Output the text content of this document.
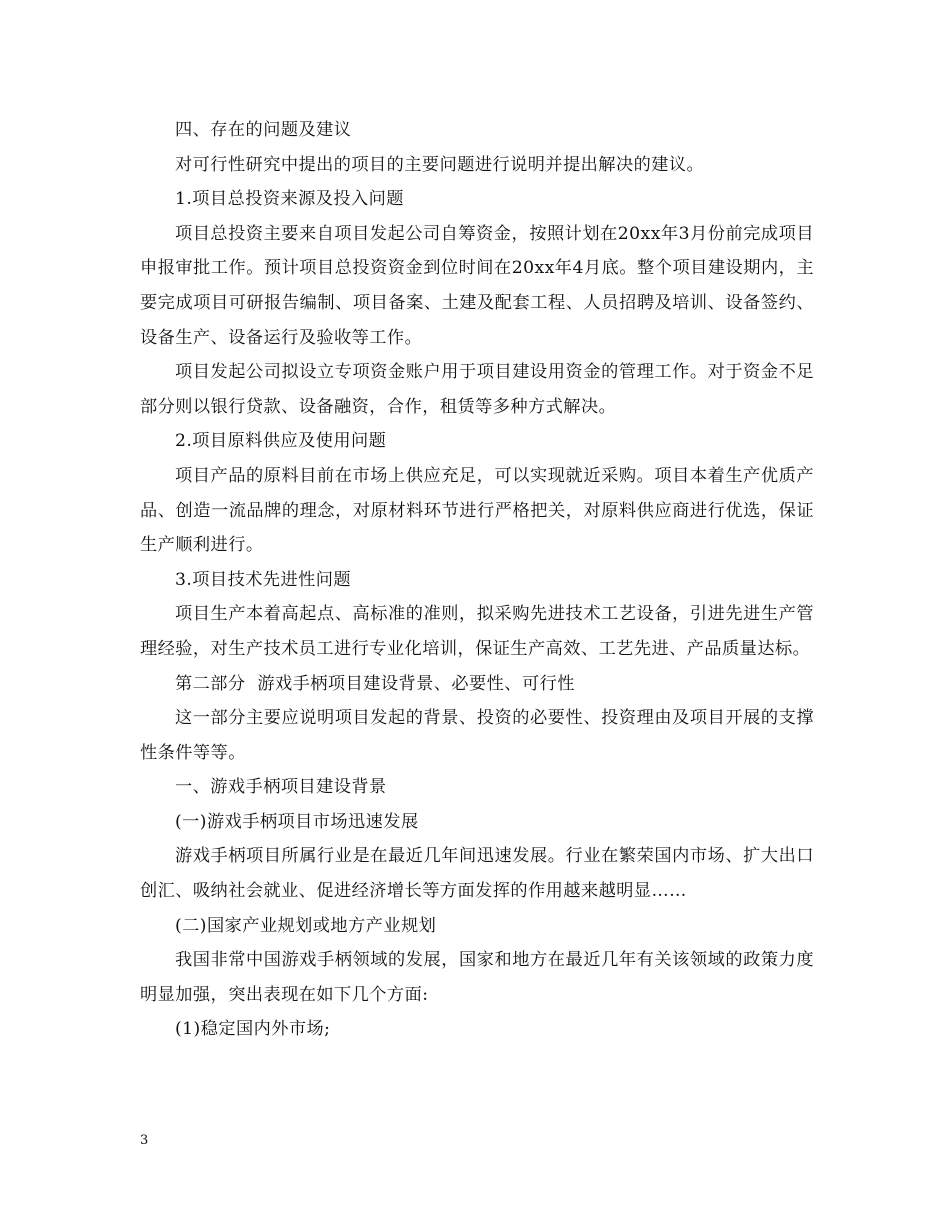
四、存在的问题及建议

对可行性研究中提出的项目的主要问题进行说明并提出解决的建议。

1.项目总投资来源及投入问题

项目总投资主要来自项目发起公司自筹资金，按照计划在20xx年3月份前完成项目申报审批工作。预计项目总投资资金到位时间在20xx年4月底。整个项目建设期内，主要完成项目可研报告编制、项目备案、土建及配套工程、人员招聘及培训、设备签约、设备生产、设备运行及验收等工作。

项目发起公司拟设立专项资金账户用于项目建设用资金的管理工作。对于资金不足部分则以银行贷款、设备融资，合作，租赁等多种方式解决。

2.项目原料供应及使用问题

项目产品的原料目前在市场上供应充足，可以实现就近采购。项目本着生产优质产品、创造一流品牌的理念，对原材料环节进行严格把关，对原料供应商进行优选，保证生产顺利进行。

3.项目技术先进性问题

项目生产本着高起点、高标准的准则，拟采购先进技术工艺设备，引进先进生产管理经验，对生产技术员工进行专业化培训，保证生产高效、工艺先进、产品质量达标。

第二部分  游戏手柄项目建设背景、必要性、可行性

这一部分主要应说明项目发起的背景、投资的必要性、投资理由及项目开展的支撑性条件等等。

一、游戏手柄项目建设背景

(一)游戏手柄项目市场迅速发展

游戏手柄项目所属行业是在最近几年间迅速发展。行业在繁荣国内市场、扩大出口创汇、吸纳社会就业、促进经济增长等方面发挥的作用越来越明显……

(二)国家产业规划或地方产业规划

我国非常中国游戏手柄领域的发展，国家和地方在最近几年有关该领域的政策力度明显加强，突出表现在如下几个方面:

(1)稳定国内外市场;

3
